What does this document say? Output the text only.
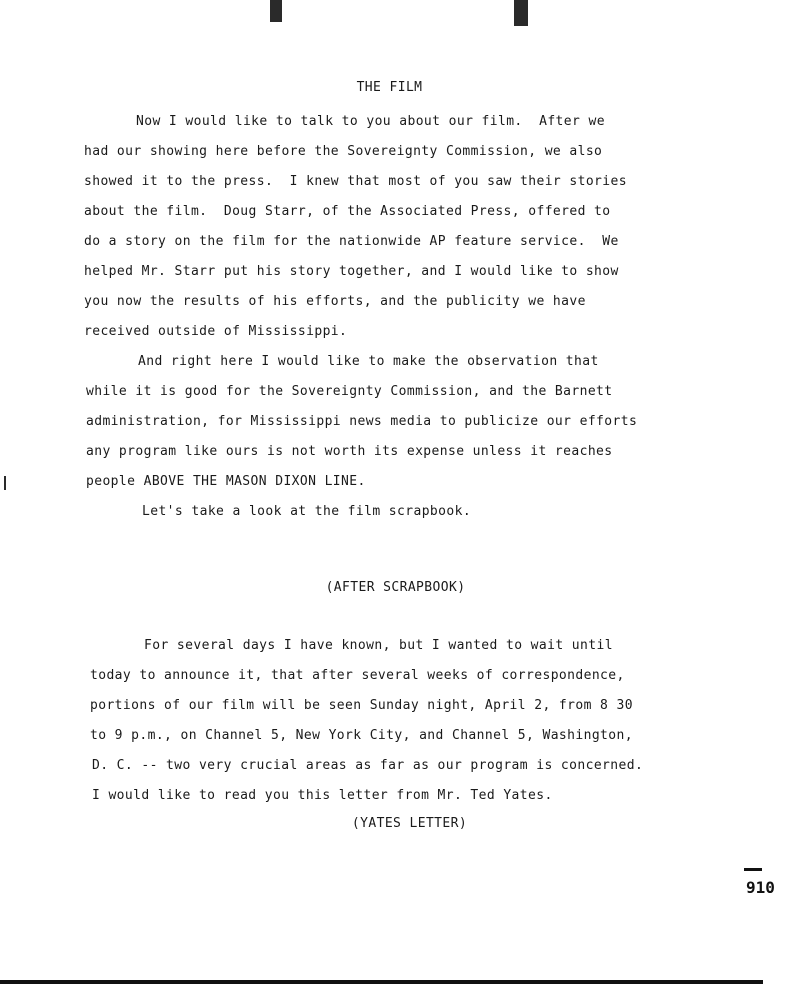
THE FILM
Now I would like to talk to you about our film.  After we
had our showing here before the Sovereignty Commission, we also
showed it to the press.  I knew that most of you saw their stories
about the film.  Doug Starr, of the Associated Press, offered to
do a story on the film for the nationwide AP feature service.  We
helped Mr. Starr put his story together, and I would like to show
you now the results of his efforts, and the publicity we have
received outside of Mississippi.
And right here I would like to make the observation that
while it is good for the Sovereignty Commission, and the Barnett
administration, for Mississippi news media to publicize our efforts
any program like ours is not worth its expense unless it reaches
people ABOVE THE MASON DIXON LINE.
Let's take a look at the film scrapbook.
(AFTER SCRAPBOOK)
For several days I have known, but I wanted to wait until
today to announce it, that after several weeks of correspondence,
portions of our film will be seen Sunday night, April 2, from 8 30
to 9 p.m., on Channel 5, New York City, and Channel 5, Washington,
D. C. -- two very crucial areas as far as our program is concerned.
I would like to read you this letter from Mr. Ted Yates.
(YATES LETTER)
910
